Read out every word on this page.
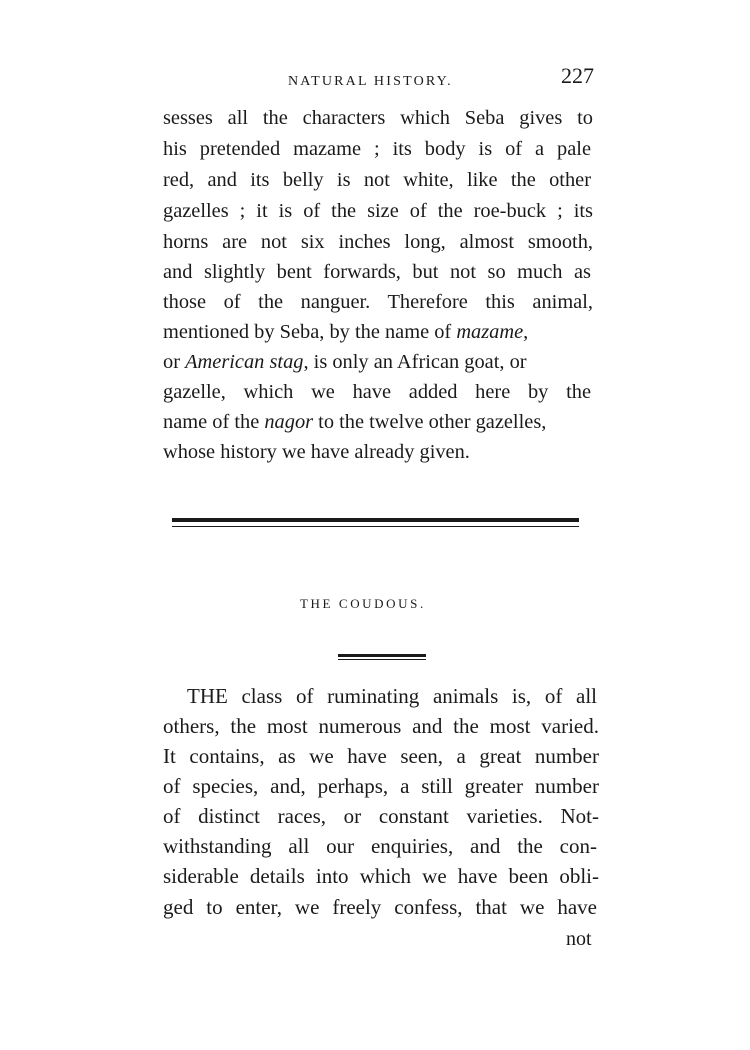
NATURAL HISTORY.	227
sesses all the characters which Seba gives to
his pretended mazame ; its body is of a pale
red, and its belly is not white, like the other
gazelles ; it is of the size of the roe-buck ; its
horns are not six inches long, almost smooth,
and slightly bent forwards, but not so much as
those of the nanguer. Therefore this animal,
mentioned by Seba, by the name of mazame,
or American stag, is only an African goat, or
gazelle, which we have added here by the
name of the nagor to the twelve other gazelles,
whose history we have already given.
THE COUDOUS.
THE class of ruminating animals is, of all
others, the most numerous and the most varied.
It contains, as we have seen, a great number
of species, and, perhaps, a still greater number
of distinct races, or constant varieties. Not-
withstanding all our enquiries, and the con-
siderable details into which we have been obli-
ged to enter, we freely confess, that we have
not
